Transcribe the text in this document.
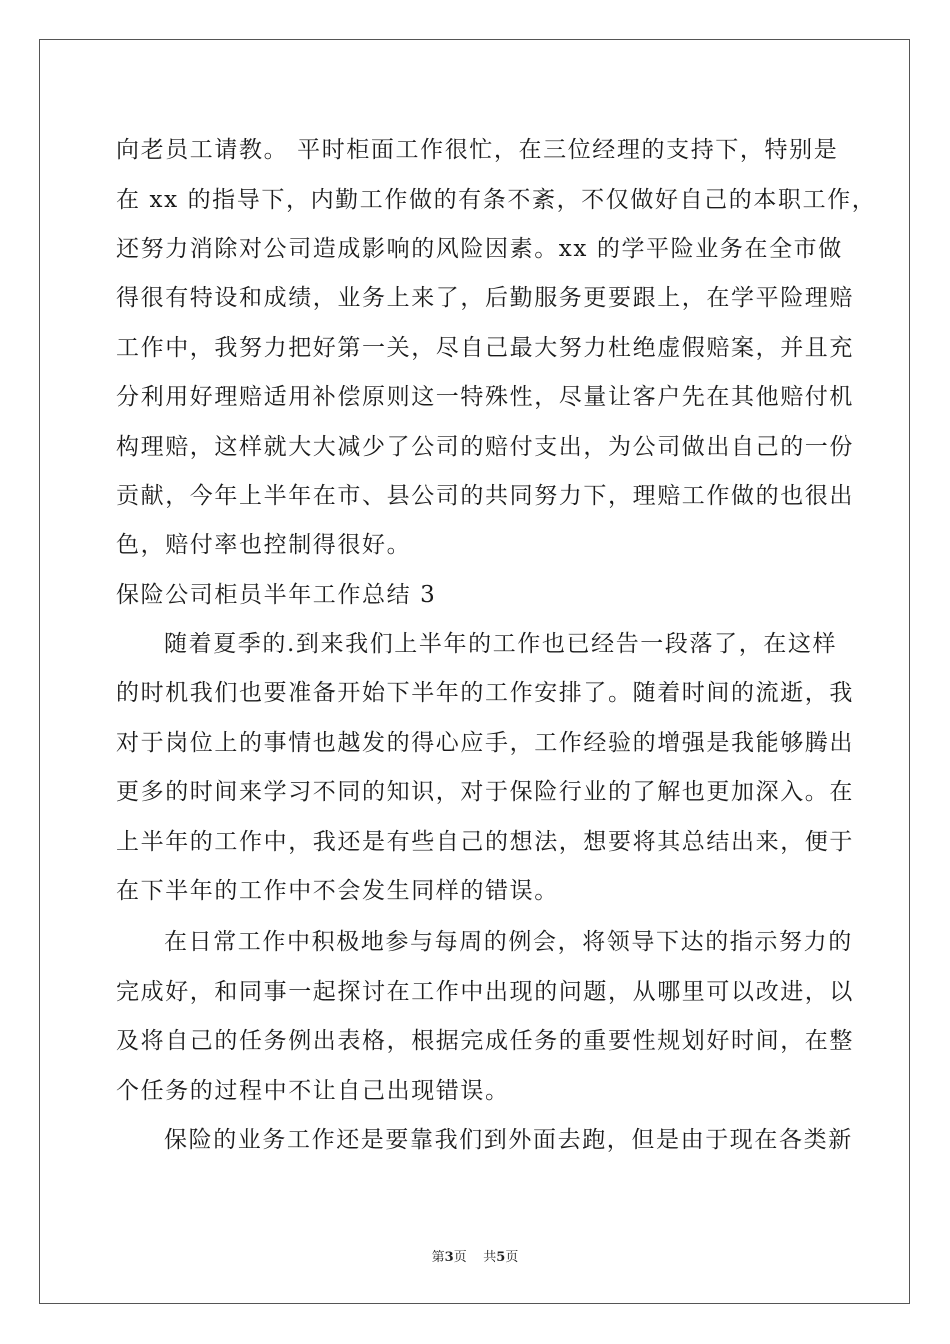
向老员工请教。 平时柜面工作很忙，在三位经理的支持下，特别是
在 xx 的指导下，内勤工作做的有条不紊，不仅做好自己的本职工作，
还努力消除对公司造成影响的风险因素。xx 的学平险业务在全市做
得很有特设和成绩，业务上来了，后勤服务更要跟上，在学平险理赔
工作中，我努力把好第一关，尽自己最大努力杜绝虚假赔案，并且充
分利用好理赔适用补偿原则这一特殊性，尽量让客户先在其他赔付机
构理赔，这样就大大减少了公司的赔付支出，为公司做出自己的一份
贡献，今年上半年在市、县公司的共同努力下，理赔工作做的也很出
色，赔付率也控制得很好。
保险公司柜员半年工作总结 3
随着夏季的.到来我们上半年的工作也已经告一段落了，在这样
的时机我们也要准备开始下半年的工作安排了。随着时间的流逝，我
对于岗位上的事情也越发的得心应手，工作经验的增强是我能够腾出
更多的时间来学习不同的知识，对于保险行业的了解也更加深入。在
上半年的工作中，我还是有些自己的想法，想要将其总结出来，便于
在下半年的工作中不会发生同样的错误。
在日常工作中积极地参与每周的例会，将领导下达的指示努力的
完成好，和同事一起探讨在工作中出现的问题，从哪里可以改进，以
及将自己的任务例出表格，根据完成任务的重要性规划好时间，在整
个任务的过程中不让自己出现错误。
保险的业务工作还是要靠我们到外面去跑，但是由于现在各类新
第3页 共5页
